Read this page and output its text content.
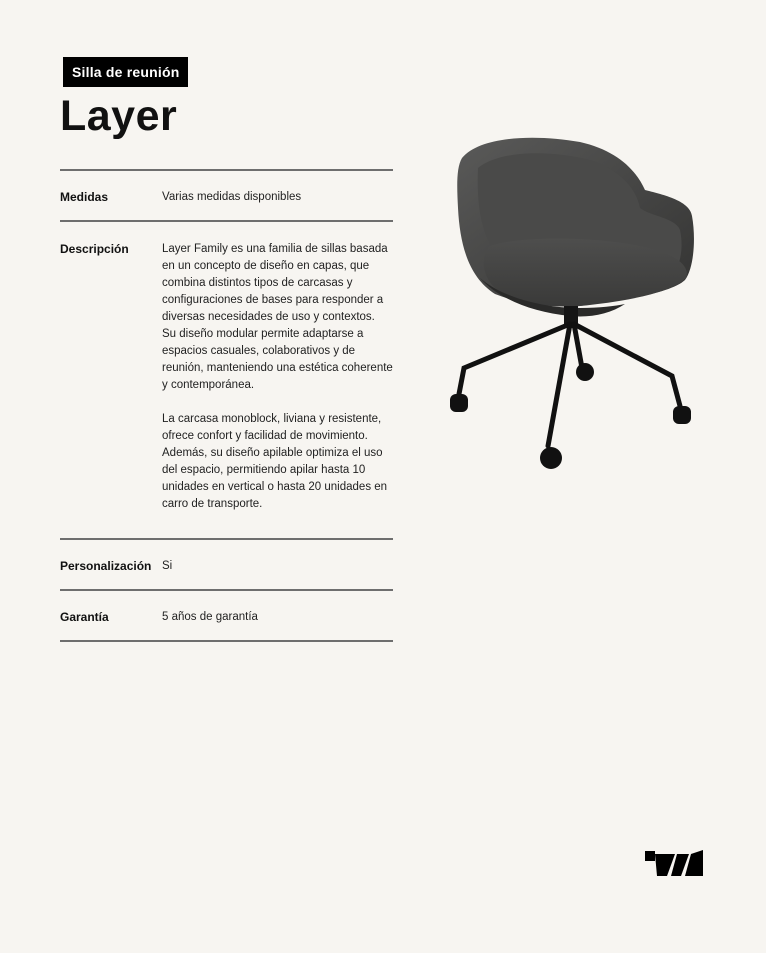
Silla de reunión
Layer
Medidas	Varias medidas disponibles
Descripción	Layer Family es una familia de sillas basada en un concepto de diseño en capas, que combina distintos tipos de carcasas y configuraciones de bases para responder a diversas necesidades de uso y contextos.
Su diseño modular permite adaptarse a espacios casuales, colaborativos y de reunión, manteniendo una estética coherente y contemporánea.

La carcasa monoblock, liviana y resistente, ofrece confort y facilidad de movimiento. Además, su diseño apilable optimiza el uso del espacio, permitiendo apilar hasta 10 unidades en vertical o hasta 20 unidades en carro de transporte.

Personalización Si
Garantía	5 años de garantía
